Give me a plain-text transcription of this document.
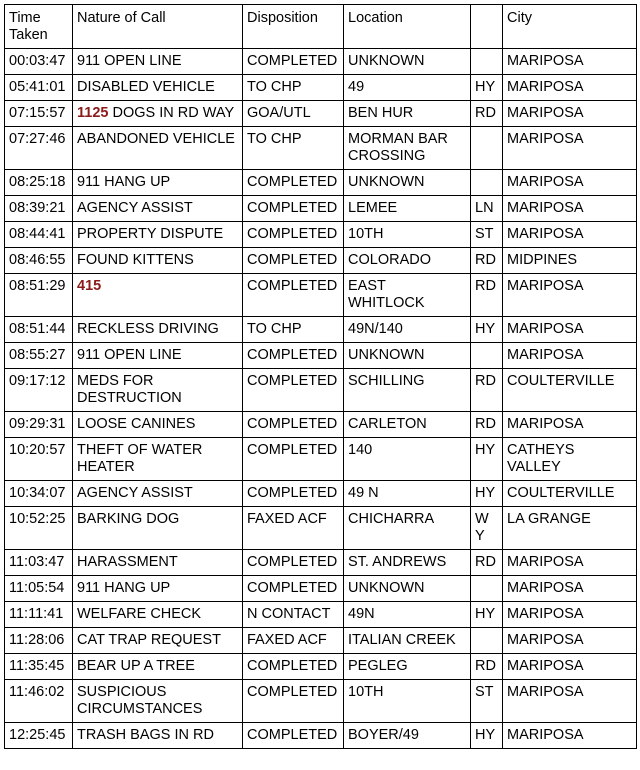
Time Taken	Nature of Call	Disposition	Location		City
00:03:47	911 OPEN LINE	COMPLETED	UNKNOWN		MARIPOSA
05:41:01	DISABLED VEHICLE	TO CHP	49	HY	MARIPOSA
07:15:57	1125 DOGS IN RD WAY	GOA/UTL	BEN HUR	RD	MARIPOSA
07:27:46	ABANDONED VEHICLE	TO CHP	MORMAN BAR CROSSING		MARIPOSA
08:25:18	911 HANG UP	COMPLETED	UNKNOWN		MARIPOSA
08:39:21	AGENCY ASSIST	COMPLETED	LEMEE	LN	MARIPOSA
08:44:41	PROPERTY DISPUTE	COMPLETED	10TH	ST	MARIPOSA
08:46:55	FOUND KITTENS	COMPLETED	COLORADO	RD	MIDPINES
08:51:29	415	COMPLETED	EAST WHITLOCK	RD	MARIPOSA
08:51:44	RECKLESS DRIVING	TO CHP	49N/140	HY	MARIPOSA
08:55:27	911 OPEN LINE	COMPLETED	UNKNOWN		MARIPOSA
09:17:12	MEDS FOR DESTRUCTION	COMPLETED	SCHILLING	RD	COULTERVILLE
09:29:31	LOOSE CANINES	COMPLETED	CARLETON	RD	MARIPOSA
10:20:57	THEFT OF WATER HEATER	COMPLETED	140	HY	CATHEYS VALLEY
10:34:07	AGENCY ASSIST	COMPLETED	49 N	HY	COULTERVILLE
10:52:25	BARKING DOG	FAXED ACF	CHICHARRA	WY	LA GRANGE
11:03:47	HARASSMENT	COMPLETED	ST. ANDREWS	RD	MARIPOSA
11:05:54	911 HANG UP	COMPLETED	UNKNOWN		MARIPOSA
11:11:41	WELFARE CHECK	N CONTACT	49N	HY	MARIPOSA
11:28:06	CAT TRAP REQUEST	FAXED ACF	ITALIAN CREEK		MARIPOSA
11:35:45	BEAR UP A TREE	COMPLETED	PEGLEG	RD	MARIPOSA
11:46:02	SUSPICIOUS CIRCUMSTANCES	COMPLETED	10TH	ST	MARIPOSA
12:25:45	TRASH BAGS IN RD	COMPLETED	BOYER/49	HY	MARIPOSA
